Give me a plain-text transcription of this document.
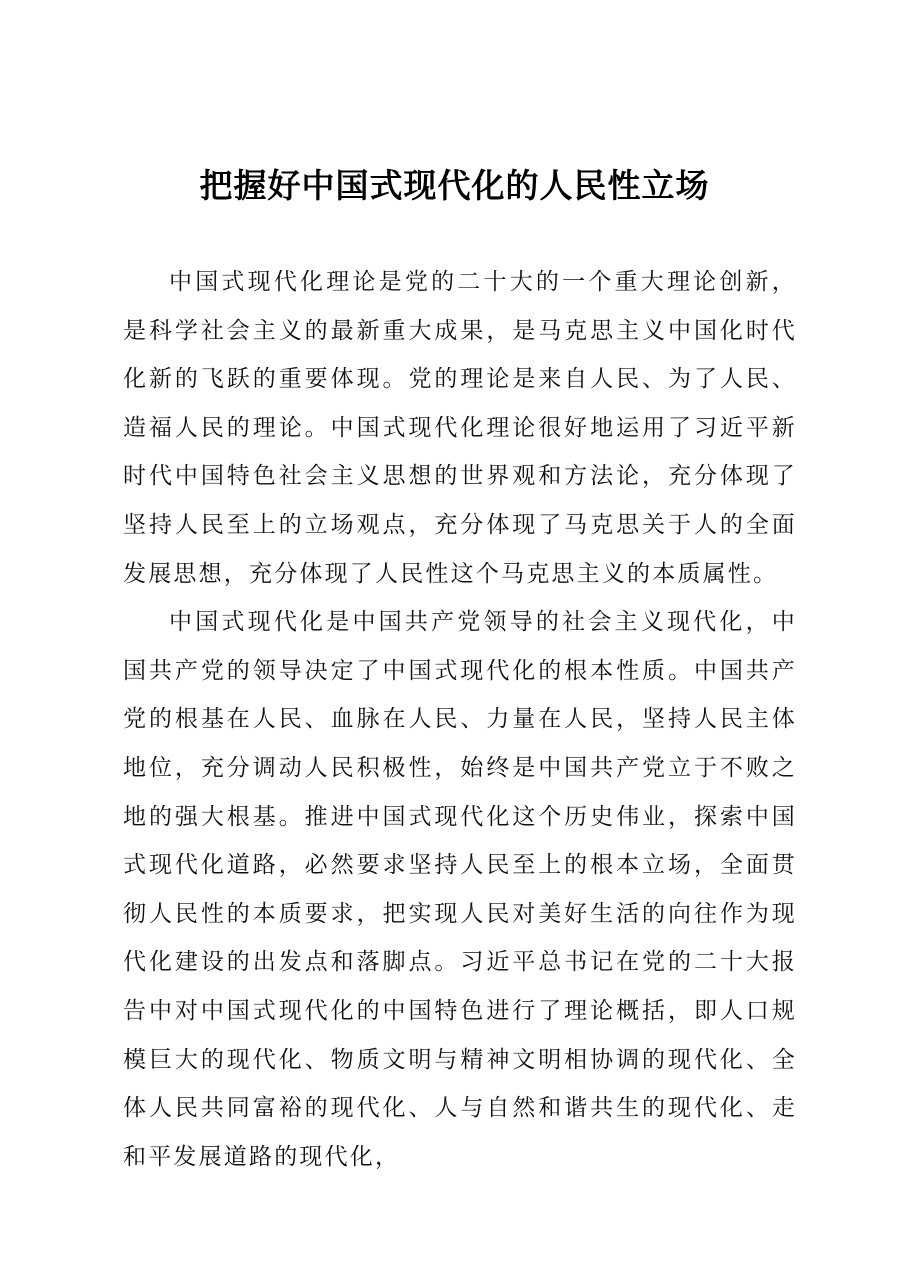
把握好中国式现代化的人民性立场

中国式现代化理论是党的二十大的一个重大理论创新，是科学社会主义的最新重大成果，是马克思主义中国化时代化新的飞跃的重要体现。党的理论是来自人民、为了人民、造福人民的理论。中国式现代化理论很好地运用了习近平新时代中国特色社会主义思想的世界观和方法论，充分体现了坚持人民至上的立场观点，充分体现了马克思关于人的全面发展思想，充分体现了人民性这个马克思主义的本质属性。

中国式现代化是中国共产党领导的社会主义现代化，中国共产党的领导决定了中国式现代化的根本性质。中国共产党的根基在人民、血脉在人民、力量在人民，坚持人民主体地位，充分调动人民积极性，始终是中国共产党立于不败之地的强大根基。推进中国式现代化这个历史伟业，探索中国式现代化道路，必然要求坚持人民至上的根本立场，全面贯彻人民性的本质要求，把实现人民对美好生活的向往作为现代化建设的出发点和落脚点。习近平总书记在党的二十大报告中对中国式现代化的中国特色进行了理论概括，即人口规模巨大的现代化、物质文明与精神文明相协调的现代化、全体人民共同富裕的现代化、人与自然和谐共生的现代化、走和平发展道路的现代化，
